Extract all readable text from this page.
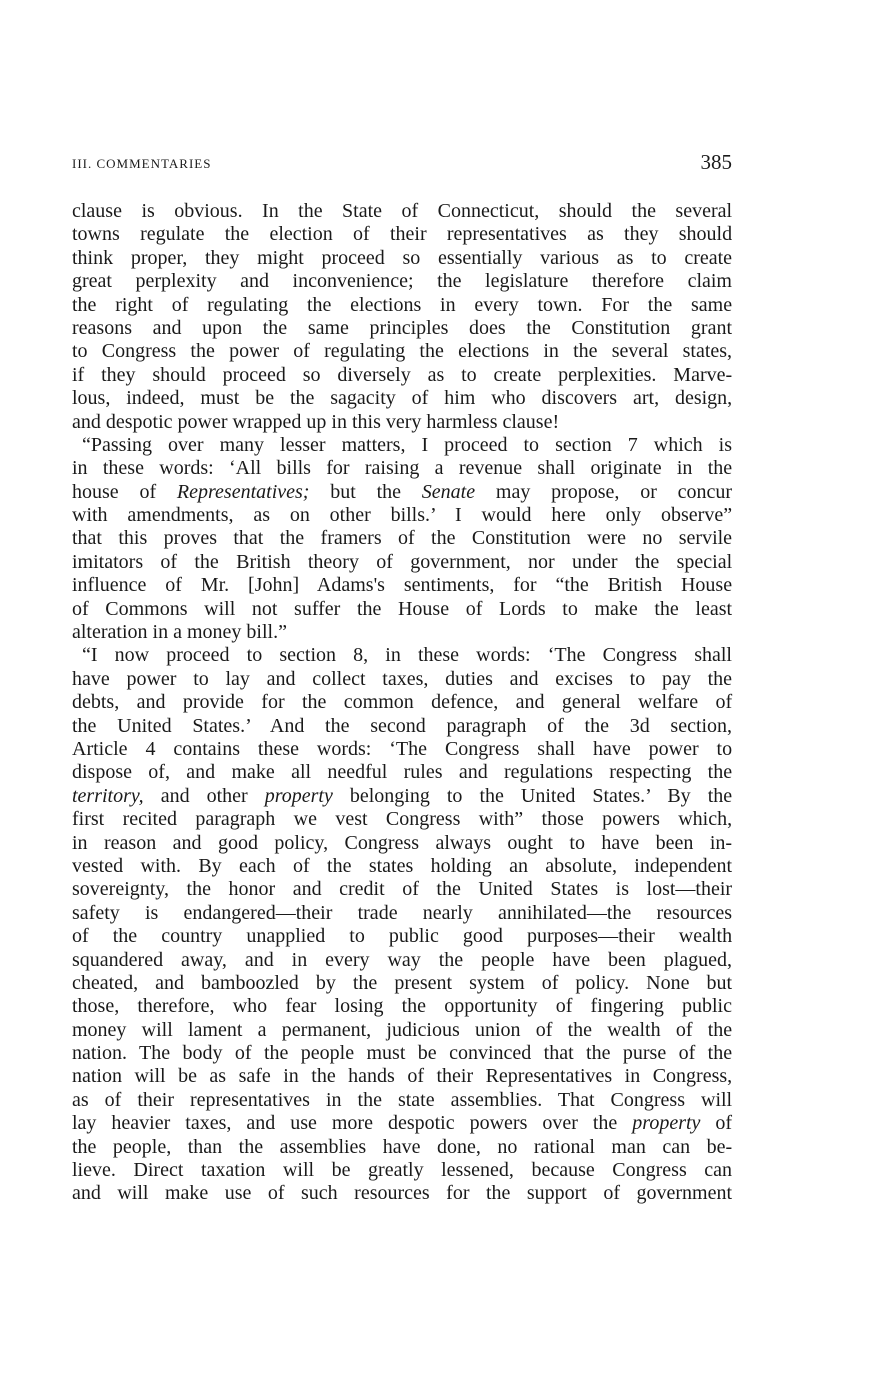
III. COMMENTARIES	385
clause is obvious. In the State of Connecticut, should the several
towns regulate the election of their representatives as they should
think proper, they might proceed so essentially various as to create
great perplexity and inconvenience; the legislature therefore claim
the right of regulating the elections in every town. For the same
reasons and upon the same principles does the Constitution grant
to Congress the power of regulating the elections in the several states,
if they should proceed so diversely as to create perplexities. Marve-
lous, indeed, must be the sagacity of him who discovers art, design,
and despotic power wrapped up in this very harmless clause!
“Passing over many lesser matters, I proceed to section 7 which is
in these words: ‘All bills for raising a revenue shall originate in the
house of Representatives; but the Senate may propose, or concur
with amendments, as on other bills.’ I would here only observe”
that this proves that the framers of the Constitution were no servile
imitators of the British theory of government, nor under the special
influence of Mr. [John] Adams's sentiments, for “the British House
of Commons will not suffer the House of Lords to make the least
alteration in a money bill.”
“I now proceed to section 8, in these words: ‘The Congress shall
have power to lay and collect taxes, duties and excises to pay the
debts, and provide for the common defence, and general welfare of
the United States.’ And the second paragraph of the 3d section,
Article 4 contains these words: ‘The Congress shall have power to
dispose of, and make all needful rules and regulations respecting the
territory, and other property belonging to the United States.’ By the
first recited paragraph we vest Congress with” those powers which,
in reason and good policy, Congress always ought to have been in-
vested with. By each of the states holding an absolute, independent
sovereignty, the honor and credit of the United States is lost—their
safety is endangered—their trade nearly annihilated—the resources
of the country unapplied to public good purposes—their wealth
squandered away, and in every way the people have been plagued,
cheated, and bamboozled by the present system of policy. None but
those, therefore, who fear losing the opportunity of fingering public
money will lament a permanent, judicious union of the wealth of the
nation. The body of the people must be convinced that the purse of the
nation will be as safe in the hands of their Representatives in Congress,
as of their representatives in the state assemblies. That Congress will
lay heavier taxes, and use more despotic powers over the property of
the people, than the assemblies have done, no rational man can be-
lieve. Direct taxation will be greatly lessened, because Congress can
and will make use of such resources for the support of government
